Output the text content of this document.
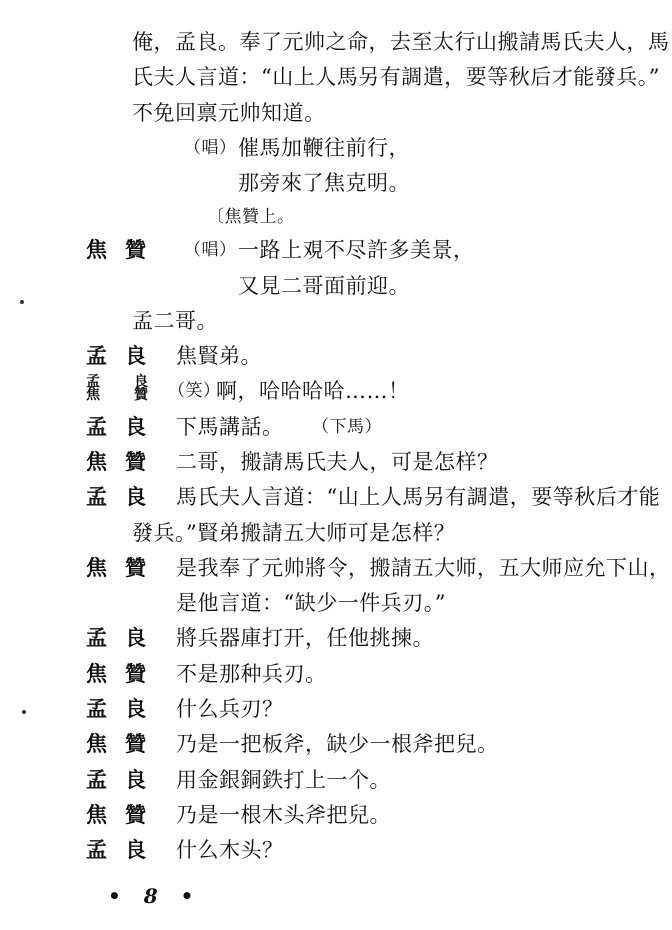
俺，孟良。奉了元帅之命，去至太行山搬請馬氏夫人，馬
氏夫人言道：“山上人馬另有調遣，要等秋后才能發兵。”
不免回禀元帅知道。
（唱） 催馬加鞭往前行，
那旁來了焦克明。
〔焦贊上。
焦贊 （唱） 一路上覌不尽許多美景，
又見二哥面前迎。
孟二哥。
孟良 焦賢弟。
孟良
焦贊
（笑）
啊，哈哈哈哈……！
孟良 下馬講話。 （下馬）
焦贊 二哥，搬請馬氏夫人，可是怎样？
孟良 馬氏夫人言道：“山上人馬另有調遣，要等秋后才能
發兵。”賢弟搬請五大师可是怎样？
焦贊 是我奉了元帅將令，搬請五大师，五大师应允下山，
是他言道：“缺少一件兵刃。”
孟良 將兵器庫打开，任他挑揀。
焦贊 不是那种兵刃。
孟良 什么兵刃？
• 8 •
焦贊 乃是一把板斧，缺少一根斧把兒。
孟良 用金銀銅鉄打上一个。
焦贊 乃是一根木头斧把兒。
孟良 什么木头？
